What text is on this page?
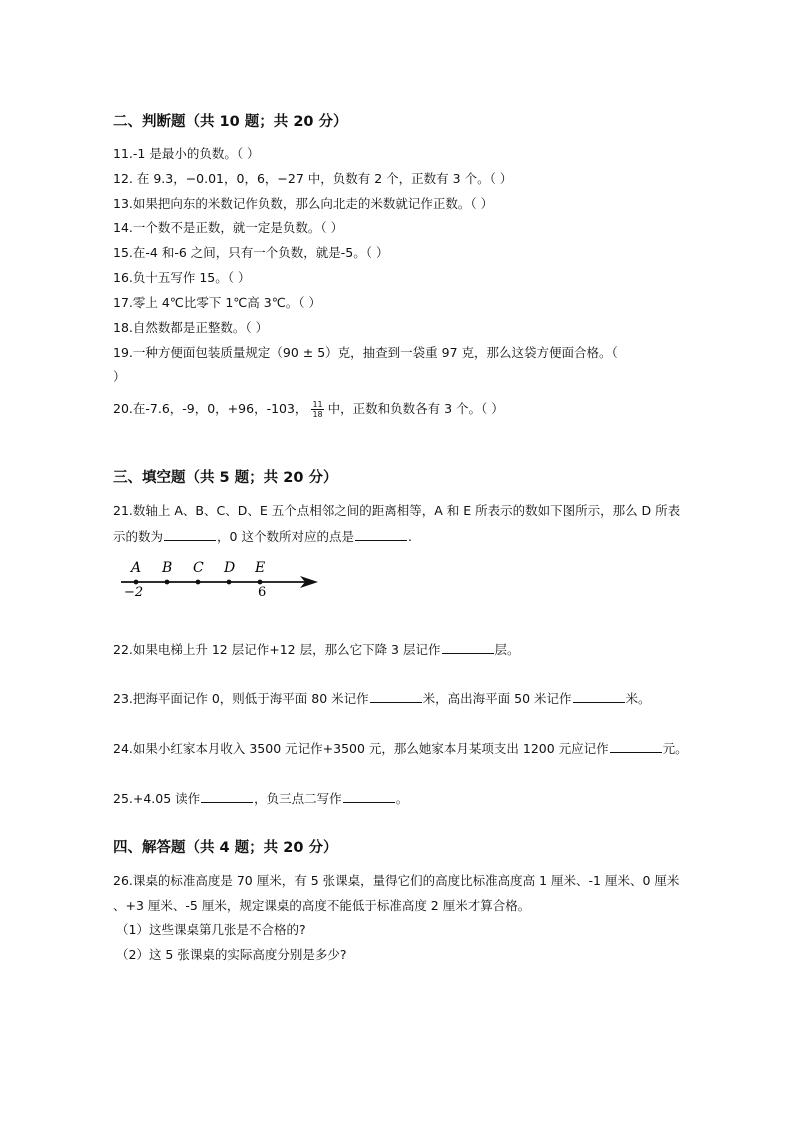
二、判断题（共 10 题；共 20 分）
11.-1 是最小的负数。（ ）
12. 在 9.3，−0.01，0，6，−27 中，负数有 2 个，正数有 3 个。（ ）
13.如果把向东的米数记作负数，那么向北走的米数就记作正数。（ ）
14.一个数不是正数，就一定是负数。（ ）
15.在-4 和-6 之间，只有一个负数，就是-5。（ ）
16.负十五写作 15。（ ）
17.零上 4℃比零下 1℃高 3℃。（ ）
18.自然数都是正整数。（ ）
19.一种方便面包装质量规定（90 ± 5）克，抽查到一袋重 97 克，那么这袋方便面合格。（
）
20.在-7.6，-9，0，+96，-103， $\frac{11}{18}$ 中，正数和负数各有 3 个。（ ）
三、填空题（共 5 题；共 20 分）
21.数轴上 A、B、C、D、E 五个点相邻之间的距离相等，A 和 E 所表示的数如下图所示，那么 D 所表
示的数为	，0 这个数所对应的点是	.
A B C D E
−2	6
22.如果电梯上升 12 层记作+12 层，那么它下降 3 层记作	层。
23.把海平面记作 0，则低于海平面 80 米记作	米，高出海平面 50 米记作	米。
24.如果小红家本月收入 3500 元记作+3500 元，那么她家本月某项支出 1200 元应记作	元。
25.+4.05 读作	，负三点二写作	。
四、解答题（共 4 题；共 20 分）
26.课桌的标准高度是 70 厘米，有 5 张课桌，量得它们的高度比标准高度高 1 厘米、-1 厘米、0 厘米
、+3 厘米、-5 厘米，规定课桌的高度不能低于标准高度 2 厘米才算合格。
（1）这些课桌第几张是不合格的?
（2）这 5 张课桌的实际高度分别是多少?
